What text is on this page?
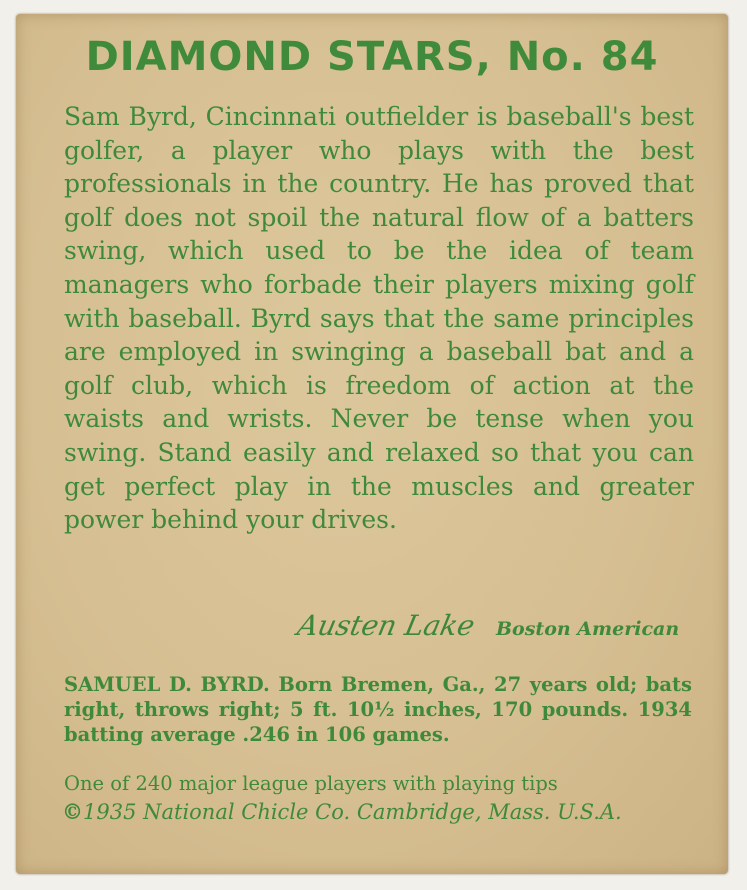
DIAMOND STARS, No. 84

Sam Byrd, Cincinnati outfielder is baseball's best golfer, a player who plays with the best professionals in the country. He has proved that golf does not spoil the natural flow of a batters swing, which used to be the idea of team managers who forbade their players mixing golf with baseball. Byrd says that the same principles are employed in swinging a baseball bat and a golf club, which is freedom of action at the waists and wrists. Never be tense when you swing. Stand easily and relaxed so that you can get perfect play in the muscles and greater power behind your drives.

Austen Lake Boston American

SAMUEL D. BYRD. Born Bremen, Ga., 27 years old; bats right, throws right; 5 ft. 10½ inches, 170 pounds. 1934 batting average .246 in 106 games.

One of 240 major league players with playing tips
©1935 National Chicle Co. Cambridge, Mass. U.S.A.
